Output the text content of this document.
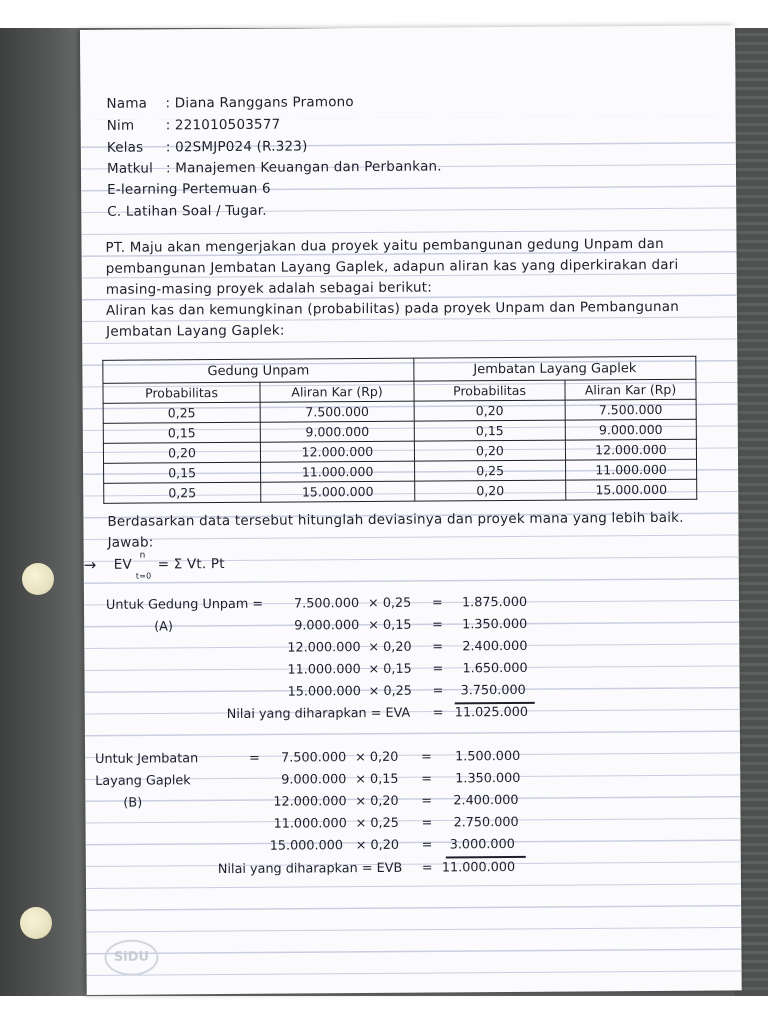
Nama : Diana Ranggans Pramono
Nim : 221010503577
Kelas : 02SMJP024 (R.323)
Matkul : Manajemen Keuangan dan Perbankan.
E-learning Pertemuan 6
C. Latihan Soal / Tugar.
PT. Maju akan mengerjakan dua proyek yaitu pembangunan gedung Unpam dan
pembangunan Jembatan Layang Gaplek, adapun aliran kas yang diperkirakan dari
masing-masing proyek adalah sebagai berikut:
Aliran kas dan kemungkinan (probabilitas) pada proyek Unpam dan Pembangunan
Jembatan Layang Gaplek:
Gedung Unpam		Jembatan Layang Gaplek	
Probabilitas	Aliran Kar (Rp)	Probabilitas	Aliran Kar (Rp)
0,25	7.500.000	0,20	7.500.000
0,15	9.000.000	0,15	9.000.000
0,20	12.000.000	0,20	12.000.000
0,15	11.000.000	0,25	11.000.000
0,25	15.000.000	0,20	15.000.000
Berdasarkan data tersebut hitunglah deviasinya dan proyek mana yang lebih baik.
Jawab:
→ EV
n
t=0
= Σ Vt. Pt
Untuk Gedung Unpam =
(A)
7.500.000 × 0,25 = 1.875.000
9.000.000 × 0,15 = 1.350.000
12.000.000 × 0,20 = 2.400.000
11.000.000 × 0,15 = 1.650.000
15.000.000 × 0,25 = 3.750.000
Nilai yang diharapkan = EVA = 11.025.000
Untuk Jembatan	=
Layang Gaplek
(B)
7.500.000 × 0,20 = 1.500.000
9.000.000 × 0,15 = 1.350.000
12.000.000 × 0,20 = 2.400.000
11.000.000 × 0,25 = 2.750.000
15.000.000 × 0,20 = 3.000.000
Nilai yang diharapkan = EVB = 11.000.000
SiDU
